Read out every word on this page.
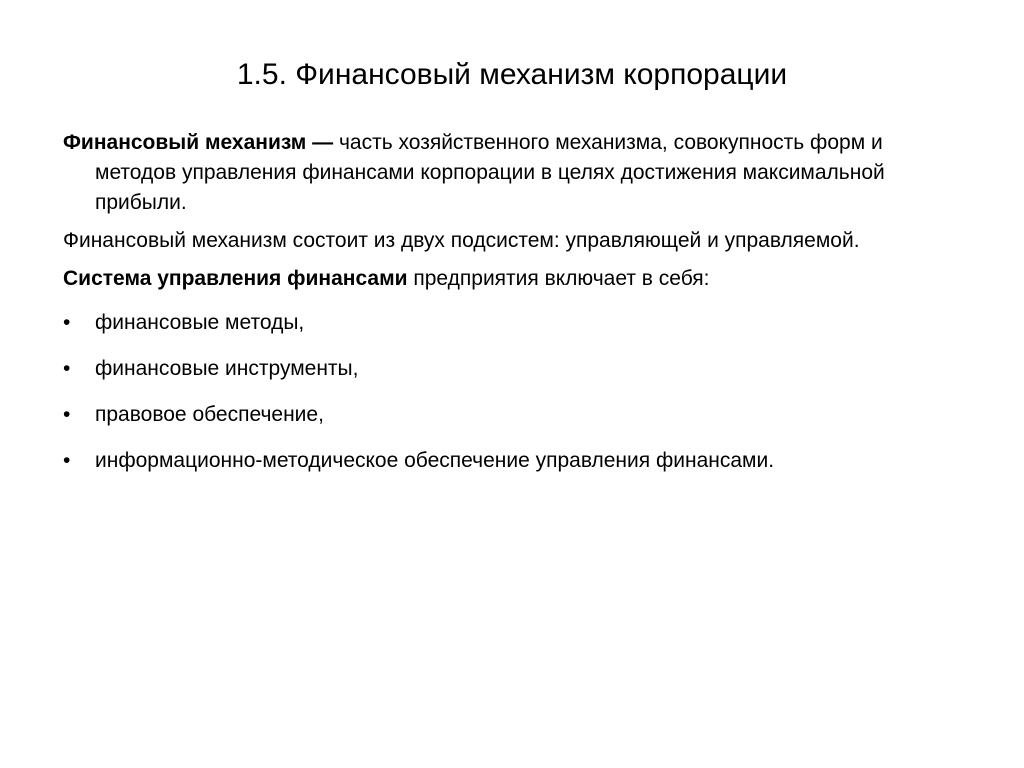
1.5. Финансовый механизм корпорации

Финансовый механизм — часть хозяйственного механизма, совокупность форм и методов управления финансами корпорации в целях достижения максимальной прибыли.

Финансовый механизм состоит из двух подсистем: управляющей и управляемой.

Система управления финансами предприятия включает в себя:

• финансовые методы,
• финансовые инструменты,
• правовое обеспечение,
• информационно-методическое обеспечение управления финансами.
